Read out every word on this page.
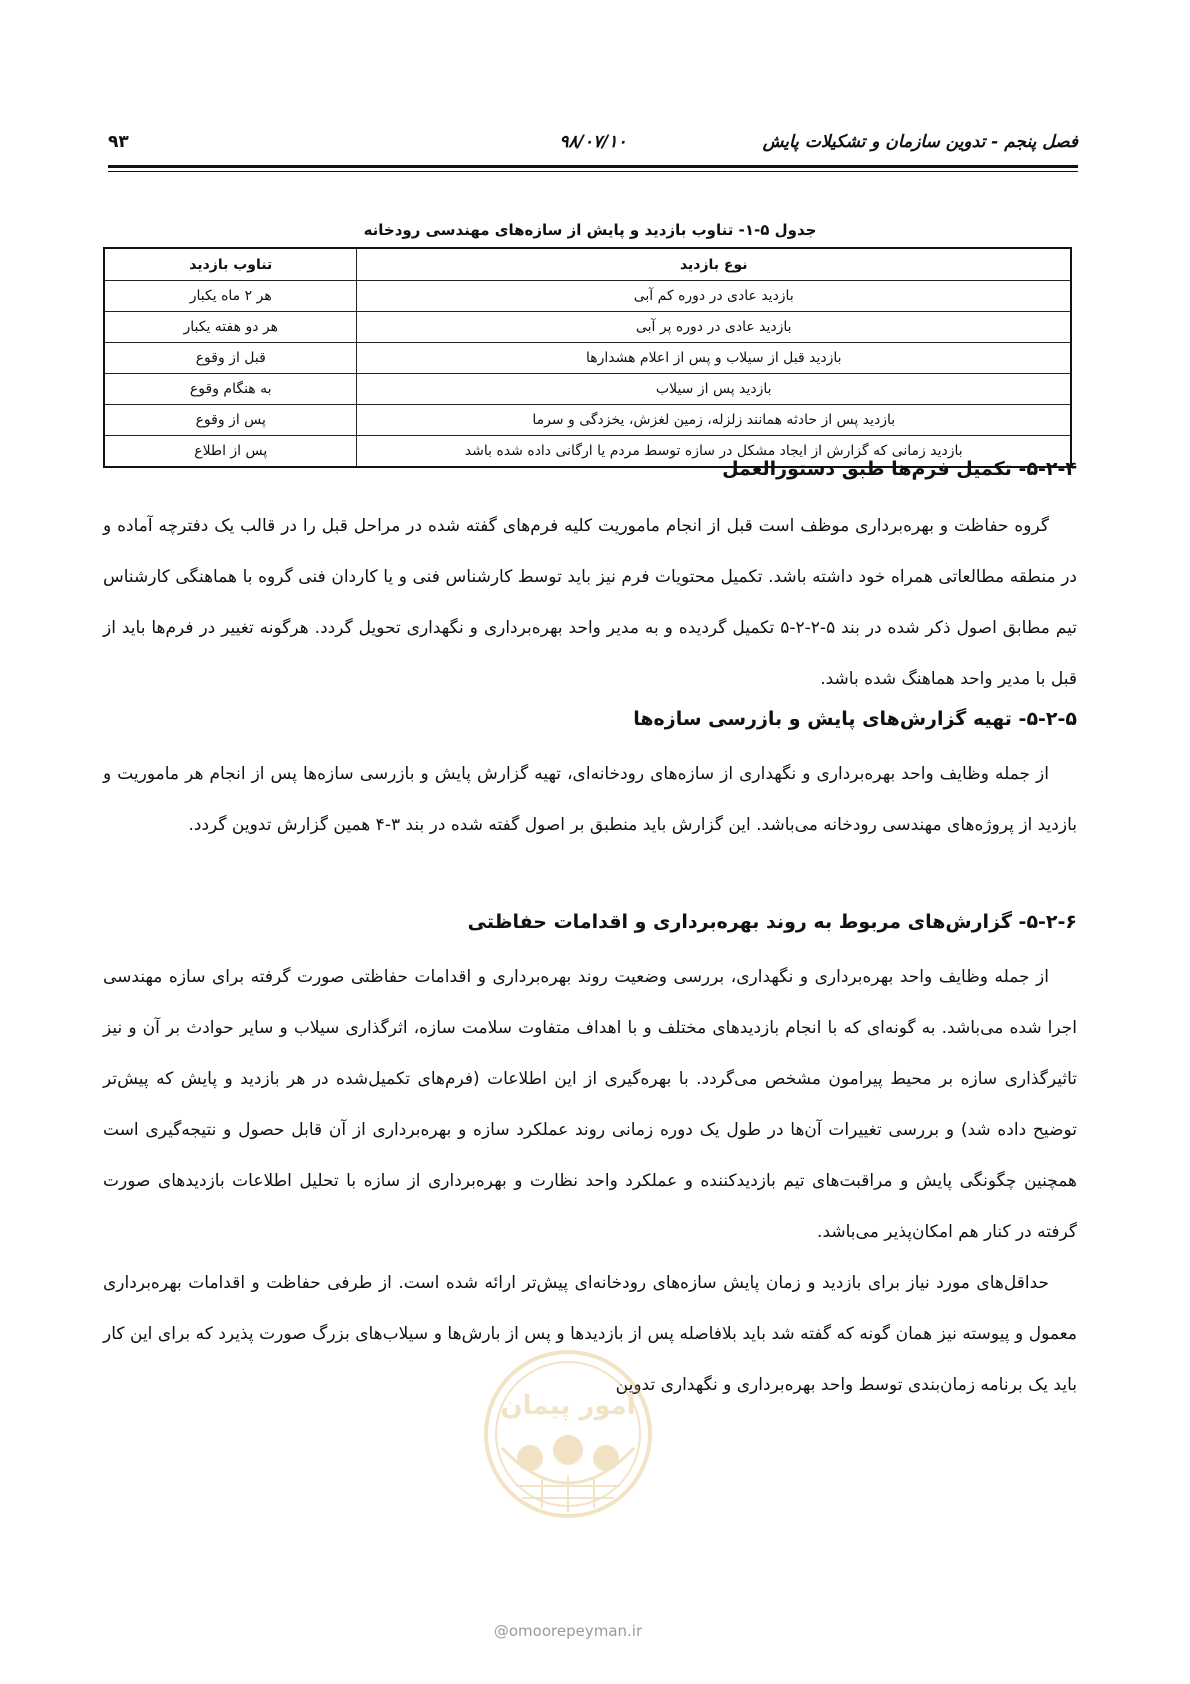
فصل پنجم - تدوین سازمان و تشکیلات پایش
۹۸/۰۷/۱۰
۹۳
جدول ۵-۱- تناوب بازدید و پایش از سازه‌های مهندسی رودخانه
نوع بازدید	تناوب بازدید
بازدید عادی در دوره کم آبی	هر ۲ ماه یکبار
بازدید عادی در دوره پر آبی	هر دو هفته یکبار
بازدید قبل از سیلاب و پس از اعلام هشدارها	قبل از وقوع
بازدید پس از سیلاب	به هنگام وقوع
بازدید پس از حادثه همانند زلزله، زمین لغزش، یخزدگی و سرما	پس از وقوع
بازدید زمانی که گزارش از ایجاد مشکل در سازه توسط مردم یا ارگانی داده شده باشد	پس از اطلاع
۵-۲-۴- تکمیل فرم‌ها طبق دستورالعمل

گروه حفاظت و بهره‌برداری موظف است قبل از انجام ماموریت کلیه فرم‌های گفته شده در مراحل قبل را در قالب یک دفترچه آماده و در منطقه مطالعاتی همراه خود داشته باشد. تکمیل محتویات فرم نیز باید توسط کارشناس فنی و یا کاردان فنی گروه با هماهنگی کارشناس تیم مطابق اصول ذکر شده در بند ۵-۲-۲-۵ تکمیل گردیده و به مدیر واحد بهره‌برداری و نگهداری تحویل گردد. هرگونه تغییر در فرم‌ها باید از قبل با مدیر واحد هماهنگ شده باشد.

۵-۲-۵- تهیه گزارش‌های پایش و بازرسی سازه‌ها

از جمله وظایف واحد بهره‌برداری و نگهداری از سازه‌های رودخانه‌ای، تهیه گزارش پایش و بازرسی سازه‌ها پس از انجام هر ماموریت و بازدید از پروژه‌های مهندسی رودخانه می‌باشد. این گزارش باید منطبق بر اصول گفته شده در بند ۳-۴ همین گزارش تدوین گردد.

۵-۲-۶- گزارش‌های مربوط به روند بهره‌برداری و اقدامات حفاظتی

از جمله وظایف واحد بهره‌برداری و نگهداری، بررسی وضعیت روند بهره‌برداری و اقدامات حفاظتی صورت گرفته برای سازه مهندسی اجرا شده می‌باشد. به گونه‌ای که با انجام بازدیدهای مختلف و با اهداف متفاوت سلامت سازه، اثرگذاری سیلاب و سایر حوادث بر آن و نیز تاثیرگذاری سازه بر محیط پیرامون مشخص می‌گردد. با بهره‌گیری از این اطلاعات (فرم‌های تکمیل‌شده در هر بازدید و پایش که پیش‌تر توضیح داده شد) و بررسی تغییرات آن‌ها در طول یک دوره زمانی روند عملکرد سازه و بهره‌برداری از آن قابل حصول و نتیجه‌گیری است همچنین چگونگی پایش و مراقبت‌های تیم بازدیدکننده و عملکرد واحد نظارت و بهره‌برداری از سازه با تحلیل اطلاعات بازدیدهای صورت گرفته در کنار هم امکان‌پذیر می‌باشد.

حداقل‌های مورد نیاز برای بازدید و زمان پایش سازه‌های رودخانه‌ای پیش‌تر ارائه شده است. از طرفی حفاظت و اقدامات بهره‌برداری معمول و پیوسته نیز همان گونه که گفته شد باید بلافاصله پس از بازدیدها و پس از بارش‌ها و سیلاب‌های بزرگ صورت پذیرد که برای این کار باید یک برنامه زمان‌بندی توسط واحد بهره‌برداری و نگهداری تدوین

امور پیمان
@omoorepeyman.ir
